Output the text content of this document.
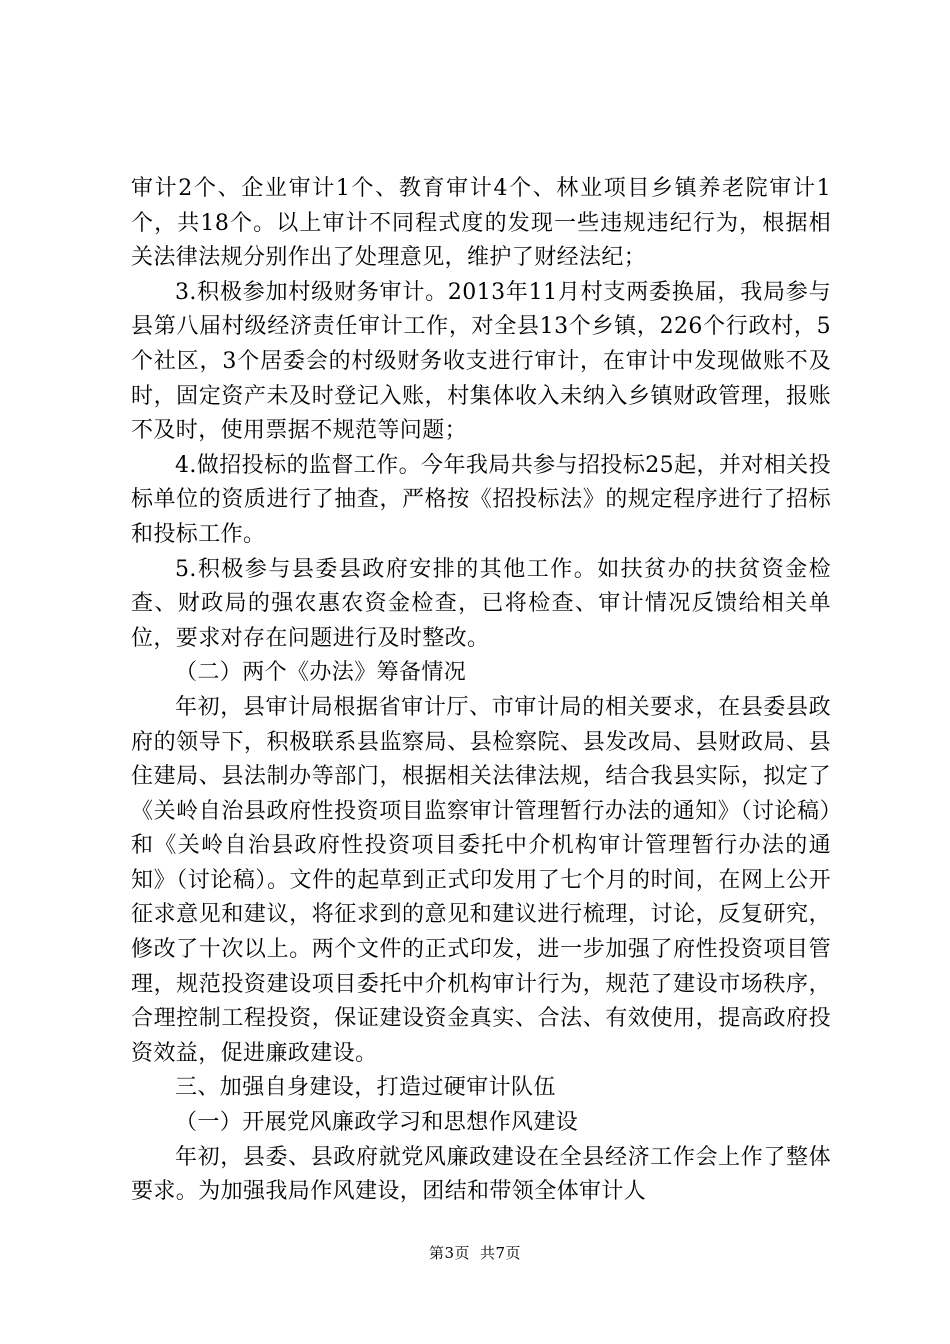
审计2个、企业审计1个、教育审计4个、林业项目乡镇养老院审计1个，共18个。以上审计不同程式度的发现一些违规违纪行为，根据相关法律法规分别作出了处理意见，维护了财经法纪；

3.积极参加村级财务审计。2013年11月村支两委换届，我局参与县第八届村级经济责任审计工作，对全县13个乡镇，226个行政村，5个社区，3个居委会的村级财务收支进行审计，在审计中发现做账不及时，固定资产未及时登记入账，村集体收入未纳入乡镇财政管理，报账不及时，使用票据不规范等问题；

4.做招投标的监督工作。今年我局共参与招投标25起，并对相关投标单位的资质进行了抽查，严格按《招投标法》的规定程序进行了招标和投标工作。

5.积极参与县委县政府安排的其他工作。如扶贫办的扶贫资金检查、财政局的强农惠农资金检查，已将检查、审计情况反馈给相关单位，要求对存在问题进行及时整改。

（二）两个《办法》筹备情况

年初，县审计局根据省审计厅、市审计局的相关要求，在县委县政府的领导下，积极联系县监察局、县检察院、县发改局、县财政局、县住建局、县法制办等部门，根据相关法律法规，结合我县实际，拟定了《关岭自治县政府性投资项目监察审计管理暂行办法的通知》（讨论稿）和《关岭自治县政府性投资项目委托中介机构审计管理暂行办法的通知》（讨论稿）。文件的起草到正式印发用了七个月的时间，在网上公开征求意见和建议，将征求到的意见和建议进行梳理，讨论，反复研究，修改了十次以上。两个文件的正式印发，进一步加强了府性投资项目管理，规范投资建设项目委托中介机构审计行为，规范了建设市场秩序，合理控制工程投资，保证建设资金真实、合法、有效使用，提高政府投资效益，促进廉政建设。

三、加强自身建设，打造过硬审计队伍

（一）开展党风廉政学习和思想作风建设

年初，县委、县政府就党风廉政建设在全县经济工作会上作了整体要求。为加强我局作风建设，团结和带领全体审计人

第3页 共7页
